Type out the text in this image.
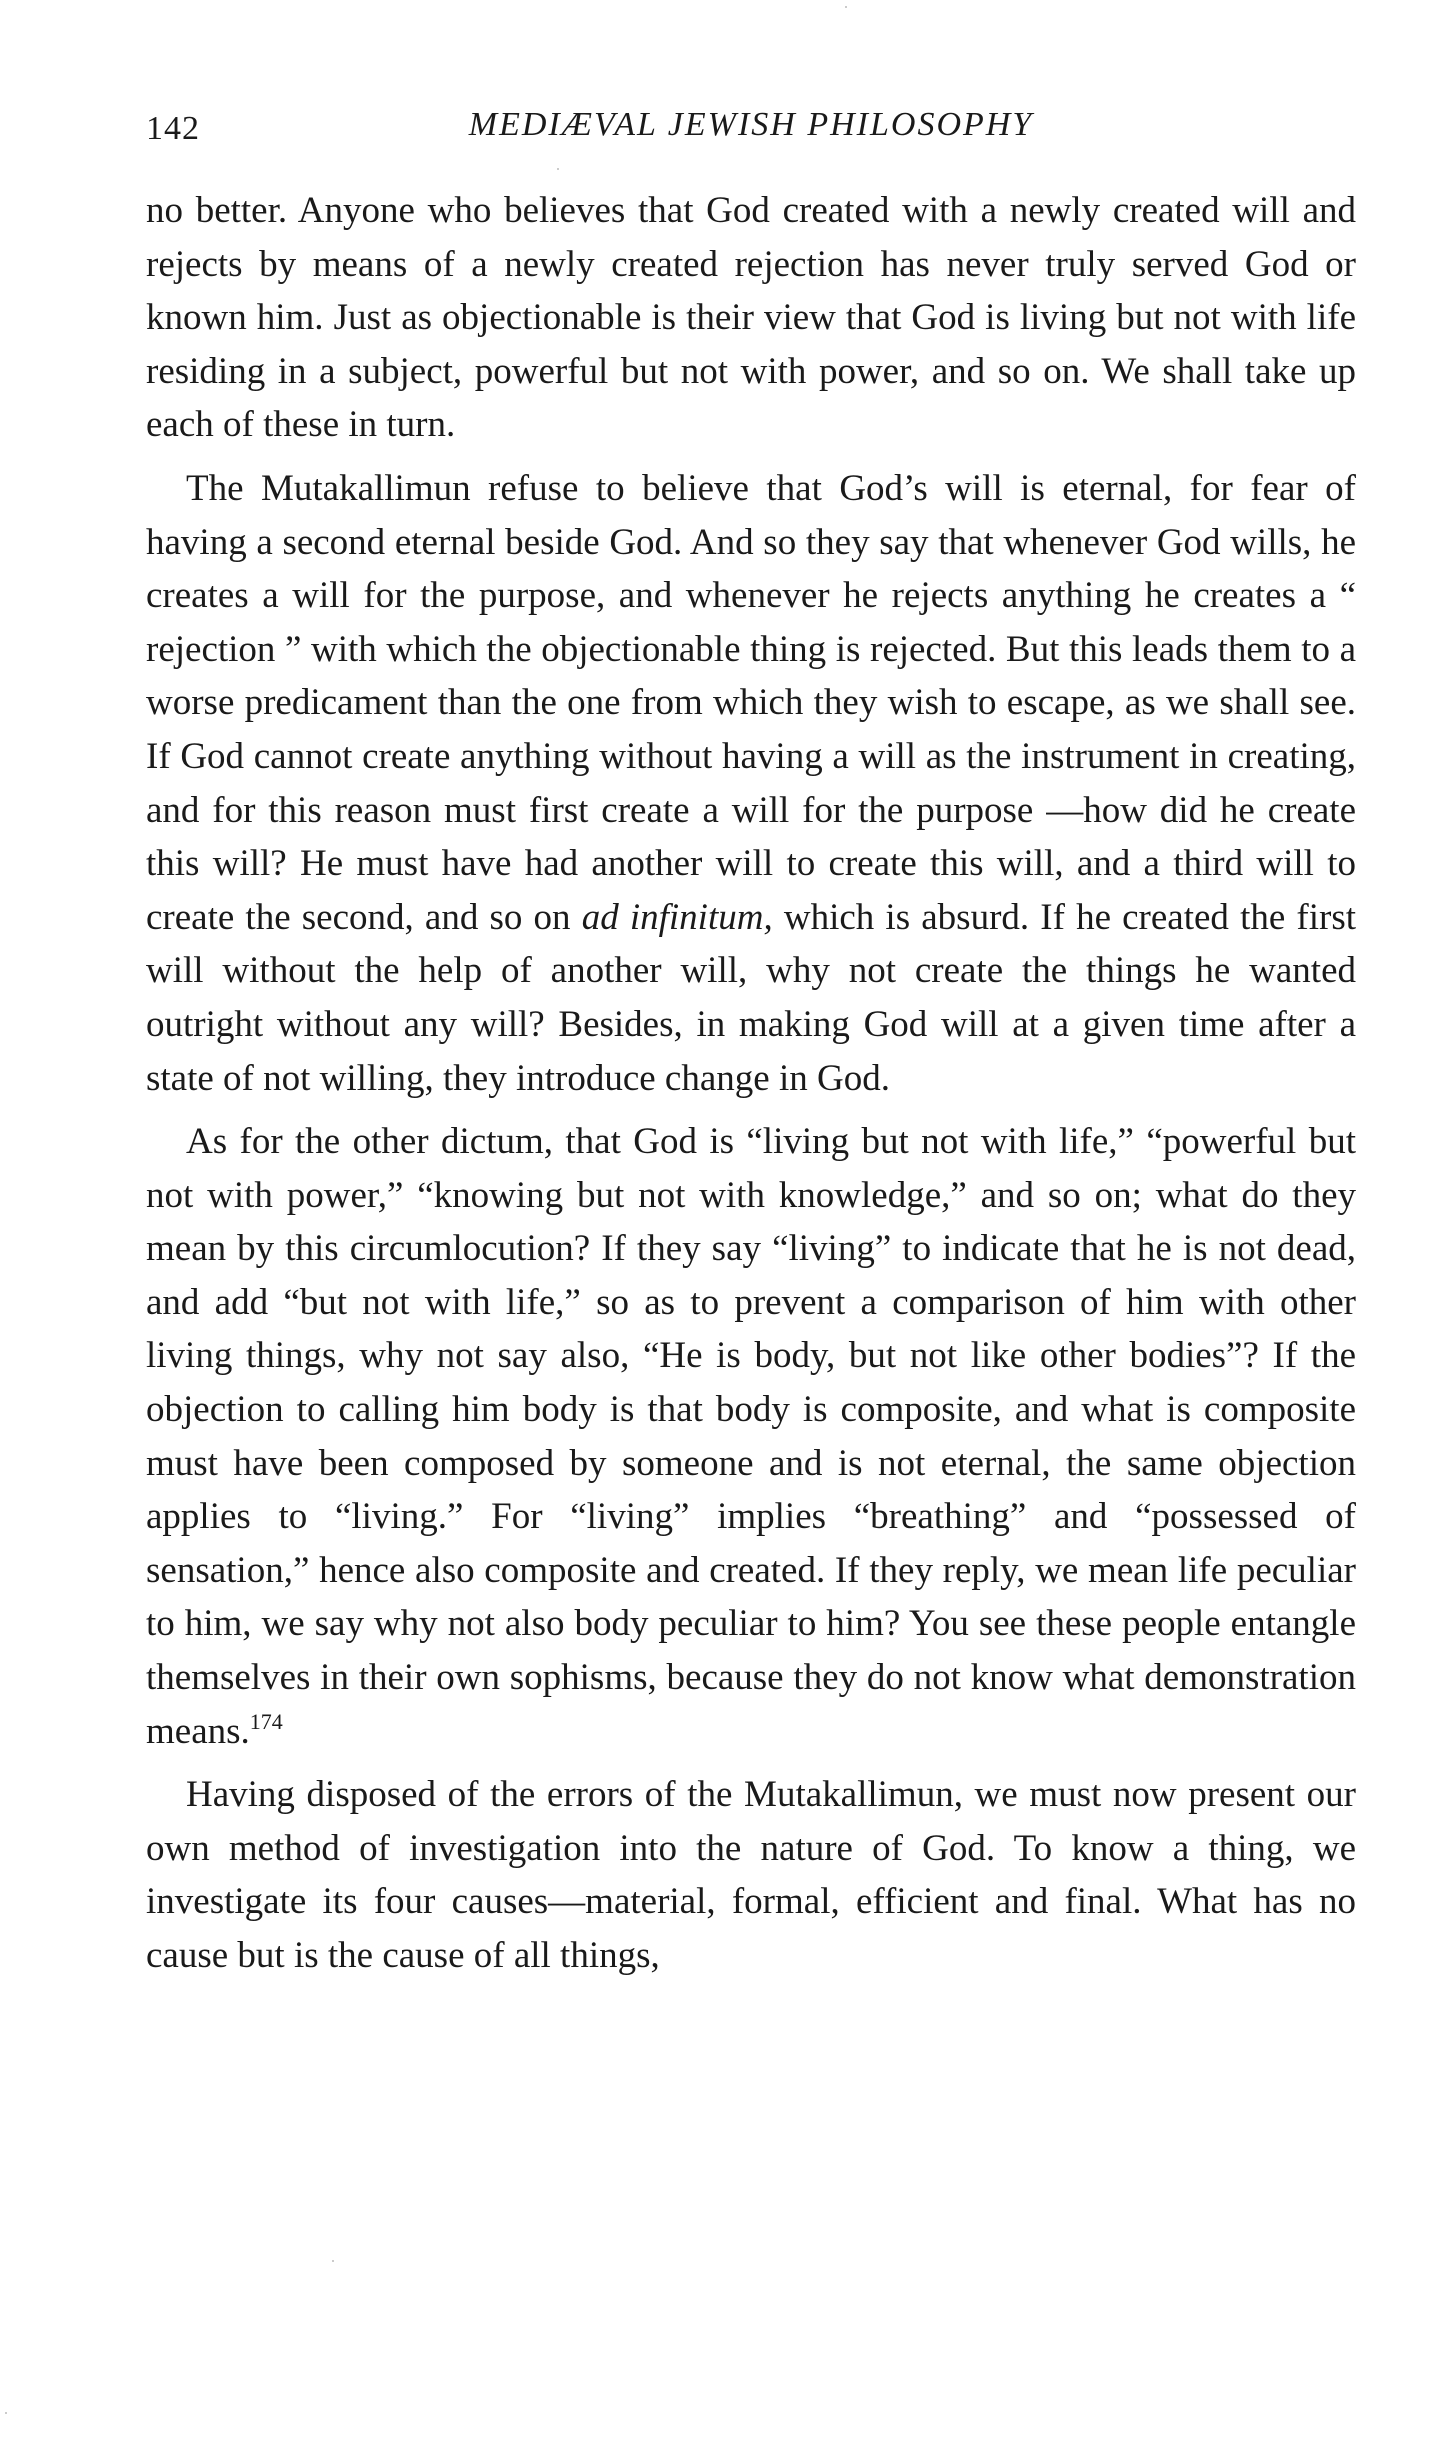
142	MEDIÆVAL JEWISH PHILOSOPHY

no better. Anyone who believes that God created with a newly created will and rejects by means of a newly created rejection has never truly served God or known him. Just as objectionable is their view that God is living but not with life residing in a subject, powerful but not with power, and so on. We shall take up each of these in turn.

The Mutakallimun refuse to believe that God’s will is eternal, for fear of having a second eternal beside God. And so they say that whenever God wills, he creates a will for the purpose, and whenever he rejects anything he creates a “ rejection ” with which the objectionable thing is rejected. But this leads them to a worse predicament than the one from which they wish to escape, as we shall see. If God cannot create anything without having a will as the instrument in creating, and for this reason must first create a will for the purpose —how did he create this will? He must have had another will to create this will, and a third will to create the second, and so on ad infinitum, which is absurd. If he created the first will without the help of another will, why not create the things he wanted outright without any will? Besides, in making God will at a given time after a state of not willing, they introduce change in God.

As for the other dictum, that God is “living but not with life,” “powerful but not with power,” “knowing but not with knowledge,” and so on; what do they mean by this circumlocution? If they say “living” to indicate that he is not dead, and add “but not with life,” so as to prevent a comparison of him with other living things, why not say also, “He is body, but not like other bodies”? If the objection to calling him body is that body is composite, and what is composite must have been composed by someone and is not eternal, the same objection applies to “living.” For “living” implies “breathing” and “possessed of sensation,” hence also composite and created. If they reply, we mean life peculiar to him, we say why not also body peculiar to him? You see these people entangle themselves in their own sophisms, because they do not know what demonstration means.$^{174}$

Having disposed of the errors of the Mutakallimun, we must now present our own method of investigation into the nature of God. To know a thing, we investigate its four causes—material, formal, efficient and final. What has no cause but is the cause of all things,
